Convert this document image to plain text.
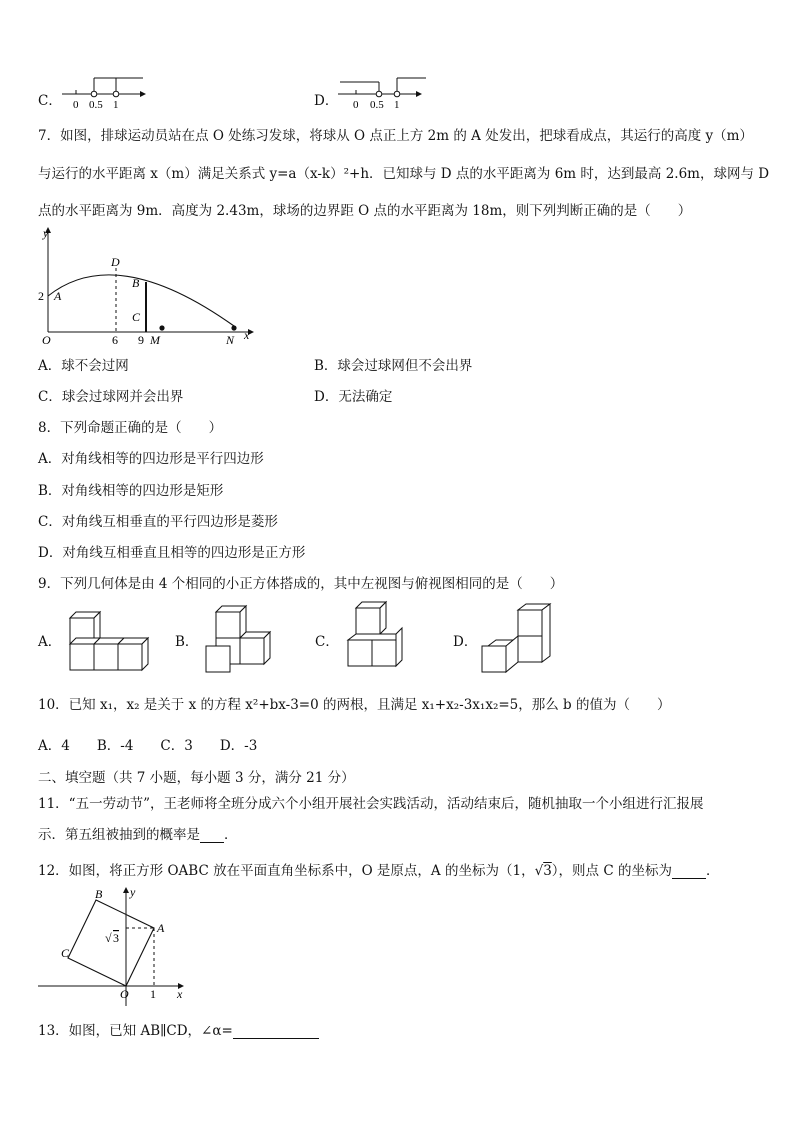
C． 0 0.5 1	D． 0 0.5 1
7．如图，排球运动员站在点 O 处练习发球，将球从 O 点正上方 2m 的 A 处发出，把球看成点，其运行的高度 y（m）
与运行的水平距离 x（m）满足关系式 y=a（x-k）²+h．已知球与 D 点的水平距离为 6m 时，达到最高 2.6m，球网与 D
点的水平距离为 9m．高度为 2.43m，球场的边界距 O 点的水平距离为 18m，则下列判断正确的是（　　）
y
x
D
B
C
2 A
O	6 9 M	N
A．球不会过网	B．球会过球网但不会出界
C．球会过球网并会出界	D．无法确定
8．下列命题正确的是（　　）
A．对角线相等的四边形是平行四边形
B．对角线相等的四边形是矩形
C．对角线互相垂直的平行四边形是菱形
D．对角线互相垂直且相等的四边形是正方形
9．下列几何体是由 4 个相同的小正方体搭成的，其中左视图与俯视图相同的是（　　）
A．	B．	C．	D．
10．已知 x₁，x₂ 是关于 x 的方程 x²+bx-3=0 的两根，且满足 x₁+x₂-3x₁x₂=5，那么 b 的值为（　　）
A．4　　B．-4　　C．3　　D．-3
二、填空题（共 7 小题，每小题 3 分，满分 21 分）
11．“五一劳动节”，王老师将全班分成六个小组开展社会实践活动，活动结束后，随机抽取一个小组进行汇报展
示．第五组被抽到的概率是 ．
12．如图，将正方形 OABC 放在平面直角坐标系中，O 是原点，A 的坐标为（1，√3），则点 C 的坐标为	．
B y
A
C
√ 3
O 1 x
13．如图，已知 AB∥CD，∠α=
